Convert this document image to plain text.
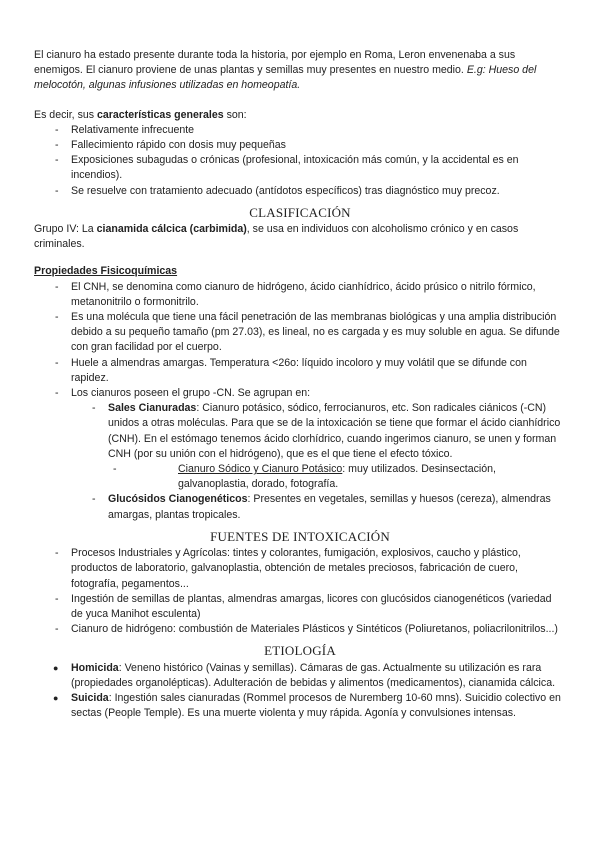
El cianuro ha estado presente durante toda la historia, por ejemplo en Roma, Leron envenenaba a sus enemigos. El cianuro proviene de unas plantas y semillas muy presentes en nuestro medio. E.g: Hueso del melocotón, algunas infusiones utilizadas en homeopatía.

Es decir, sus características generales son:

- Relativamente infrecuente
- Fallecimiento rápido con dosis muy pequeñas
- Exposiciones subagudas o crónicas (profesional, intoxicación más común, y la accidental es en incendios).
- Se resuelve con tratamiento adecuado (antídotos específicos) tras diagnóstico muy precoz.
CLASIFICACIÓN

Grupo IV: La cianamida cálcica (carbimida), se usa en individuos con alcoholismo crónico y en casos criminales.

Propiedades Fisicoquímicas

- El CNH, se denomina como cianuro de hidrógeno, ácido cianhídrico, ácido prúsico o nitrilo fórmico, metanonitrilo o formonitrilo.
- Es una molécula que tiene una fácil penetración de las membranas biológicas y una amplia distribución debido a su pequeño tamaño (pm 27.03), es lineal, no es cargada y es muy soluble en agua. Se difunde con gran facilidad por el cuerpo.
- Huele a almendras amargas. Temperatura <26o: líquido incoloro y muy volátil que se difunde con rapidez.
- Los cianuros poseen el grupo -CN. Se agrupan en:
- Sales Cianuradas: Cianuro potásico, sódico, ferrocianuros, etc. Son radicales ciánicos (-CN) unidos a otras moléculas. Para que se de la intoxicación se tiene que formar el ácido cianhídrico (CNH). En el estómago tenemos ácido clorhídrico, cuando ingerimos cianuro, se unen y forman CNH (por su unión con el hidrógeno), que es el que tiene el efecto tóxico.
- Cianuro Sódico y Cianuro Potásico: muy utilizados. Desinsectación, galvanoplastia, dorado, fotografía.
- Glucósidos Cianogenéticos: Presentes en vegetales, semillas y huesos (cereza), almendras amargas, plantas tropicales.
FUENTES DE INTOXICACIÓN
- Procesos Industriales y Agrícolas: tintes y colorantes, fumigación, explosivos, caucho y plástico, productos de laboratorio, galvanoplastia, obtención de metales preciosos, fabricación de cuero, fotografía, pegamentos...
- Ingestión de semillas de plantas, almendras amargas, licores con glucósidos cianogenéticos (variedad de yuca Manihot esculenta)
- Cianuro de hidrógeno: combustión de Materiales Plásticos y Sintéticos (Poliuretanos, poliacrilonitrilos...)
ETIOLOGÍA
● Homicida: Veneno histórico (Vainas y semillas). Cámaras de gas. Actualmente su utilización es rara (propiedades organolépticas). Adulteración de bebidas y alimentos (medicamentos), cianamida cálcica.
● Suicida: Ingestión sales cianuradas (Rommel procesos de Nuremberg 10-60 mns). Suicidio colectivo en sectas (People Temple). Es una muerte violenta y muy rápida. Agonía y convulsiones intensas.
